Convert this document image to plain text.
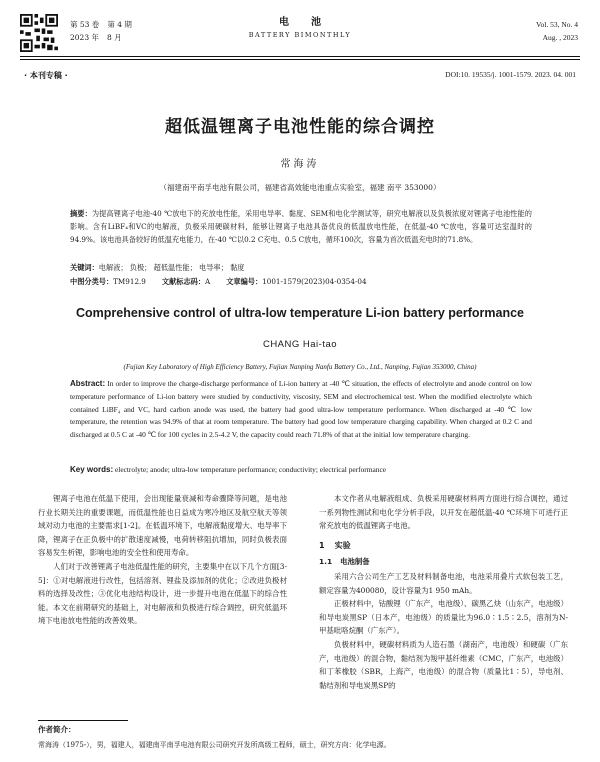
第 53 卷 第 4 期
2023 年 8 月
电池
BATTERY BIMONTHLY
Vol. 53, No. 4
Aug. , 2023
· 本刊专稿 ·	DOI:10. 19535/j. 1001-1579. 2023. 04. 001
超低温锂离子电池性能的综合调控
常海涛
（福建南平南孚电池有限公司，福建省高效能电池重点实验室，福建 南平 353000）
摘要：为提高锂离子电池-40 ℃放电下的充放电性能，采用电导率、黏度、SEM和电化学测试等，研究电解液以及负极浓度对锂离子电池性能的影响。含有LiBF₄和VC的电解液，负极采用硬碳材料，能够让锂离子电池具备优良的低温放电性能，在低温-40 ℃放电，容量可达室温时的94.9%。该电池具备较好的低温充电能力，在-40 ℃以0.2 C充电、0.5 C放电，循环100次，容量为首次低温充电时的71.8%。
关键词：电解液； 负极； 超低温性能； 电导率； 黏度
中图分类号：TM912.9 文献标志码：A 文章编号：1001-1579(2023)04-0354-04
Comprehensive control of ultra-low temperature Li-ion battery performance
CHANG Hai-tao
(Fujian Key Laboratory of High Efficiency Battery, Fujian Nanping Nanfu Battery Co., Ltd., Nanping, Fujian 353000, China)
Abstract: In order to improve the charge-discharge performance of Li-ion battery at -40 ℃ situation, the effects of electrolyte and anode control on low temperature performance of Li-ion battery were studied by conductivity, viscosity, SEM and electrochemical test. When the modified electrolyte which contained LiBF₄ and VC, hard carbon anode was used, the battery had good ultra-low temperature performance. When discharged at -40 ℃ low temperature, the retention was 94.9% of that at room temperature. The battery had good low temperature charging capability. When charged at 0.2 C and discharged at 0.5 C at -40 ℃ for 100 cycles in 2.5-4.2 V, the capacity could reach 71.8% of that at the initial low temperature charging.
Key words: electrolyte; anode; ultra-low temperature performance; conductivity; electrical performance

锂离子电池在低温下使用，会出现能量衰减和寿命骤降等问题，是电池行业长期关注的重要课题，而低温性能也日益成为寒冷地区及航空航天等领域对动力电池的主要需求[1-2]。在低温环境下，电解液黏度增大、电导率下降，锂离子在正负极中的扩散速度减慢，电荷转移阻抗增加，同时负极表面容易发生析锂，影响电池的安全性和使用寿命。

人们对于改善锂离子电池低温性能的研究，主要集中在以下几个方面[3-5]：①对电解液进行改性，包括溶剂、锂盐及添加剂的优化；②改进负极材料的选择及改性；③优化电池结构设计，进一步提升电池在低温下的综合性能。本文在前期研究的基础上，对电解液和负极进行综合调控，研究低温环境下电池放电性能的改善效果。

本文作者从电解液组成、负极采用硬碳材料两方面进行综合调控，通过一系列物性测试和电化学分析手段，以开发在超低温-40 ℃环境下可进行正常充放电的低温锂离子电池。

1 实验
1.1 电池制备

采用六合公司生产工艺及材料制备电池，电池采用叠片式软包装工艺，额定容量为400080，设计容量为1 950 mAh。

正极材料中，钴酸锂（广东产，电池级）、碳黑乙炔（山东产，电池级）和导电炭黑SP（日本产，电池级）的质量比为96.0∶1.5∶2.5，溶剂为N-甲基吡咯烷酮（广东产）。

负极材料中，硬碳材料质为人造石墨（湖南产，电池级）和硬碳（广东产，电池级）的混合物，黏结剂为羧甲基纤维素（CMC，广东产，电池级）和丁苯橡胶（SBR，上海产，电池级）的混合物（质量比1∶5），导电剂、黏结剂和导电炭黑SP的

作者简介：
常海涛（1975-），男，福建人，福建南平南孚电池有限公司研究开发所高级工程师，硕士，研究方向：化学电源。
